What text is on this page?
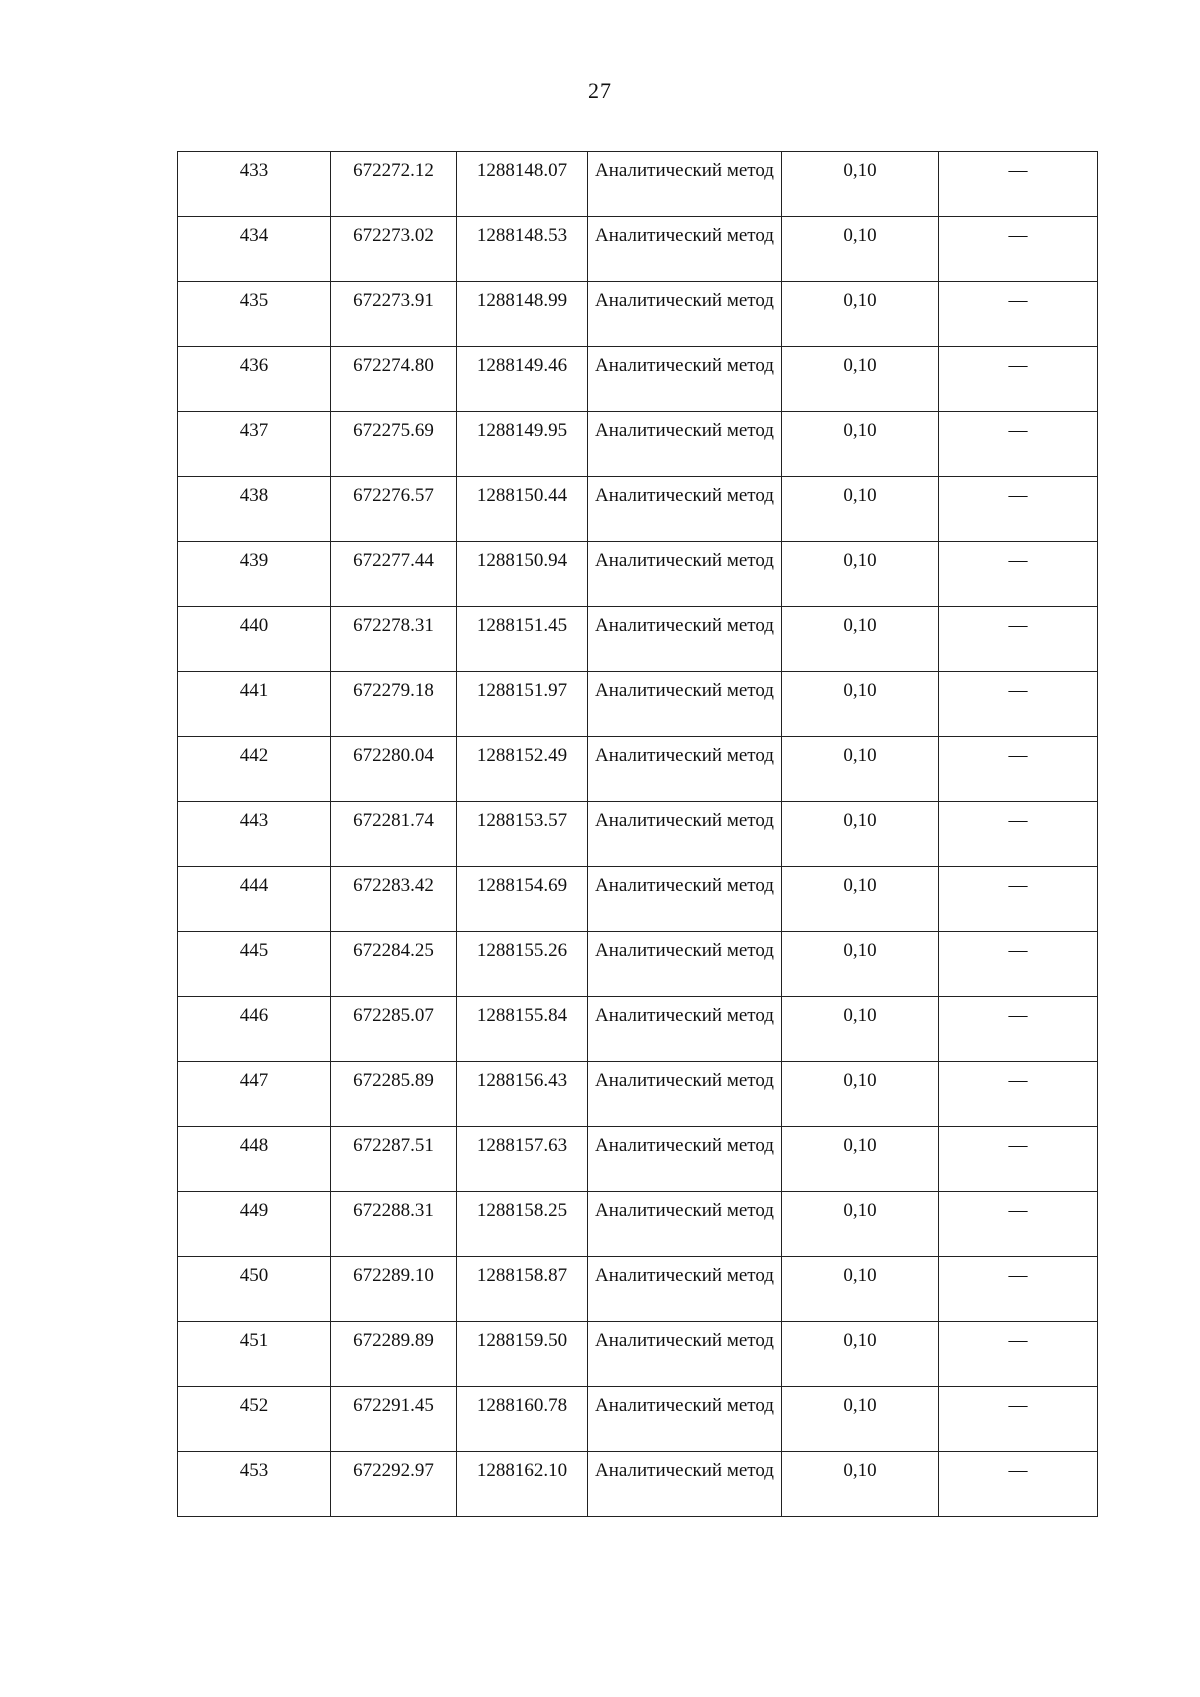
27
433	672272.12	1288148.07	Аналитический метод	0,10	—
434	672273.02	1288148.53	Аналитический метод	0,10	—
435	672273.91	1288148.99	Аналитический метод	0,10	—
436	672274.80	1288149.46	Аналитический метод	0,10	—
437	672275.69	1288149.95	Аналитический метод	0,10	—
438	672276.57	1288150.44	Аналитический метод	0,10	—
439	672277.44	1288150.94	Аналитический метод	0,10	—
440	672278.31	1288151.45	Аналитический метод	0,10	—
441	672279.18	1288151.97	Аналитический метод	0,10	—
442	672280.04	1288152.49	Аналитический метод	0,10	—
443	672281.74	1288153.57	Аналитический метод	0,10	—
444	672283.42	1288154.69	Аналитический метод	0,10	—
445	672284.25	1288155.26	Аналитический метод	0,10	—
446	672285.07	1288155.84	Аналитический метод	0,10	—
447	672285.89	1288156.43	Аналитический метод	0,10	—
448	672287.51	1288157.63	Аналитический метод	0,10	—
449	672288.31	1288158.25	Аналитический метод	0,10	—
450	672289.10	1288158.87	Аналитический метод	0,10	—
451	672289.89	1288159.50	Аналитический метод	0,10	—
452	672291.45	1288160.78	Аналитический метод	0,10	—
453	672292.97	1288162.10	Аналитический метод	0,10	—
